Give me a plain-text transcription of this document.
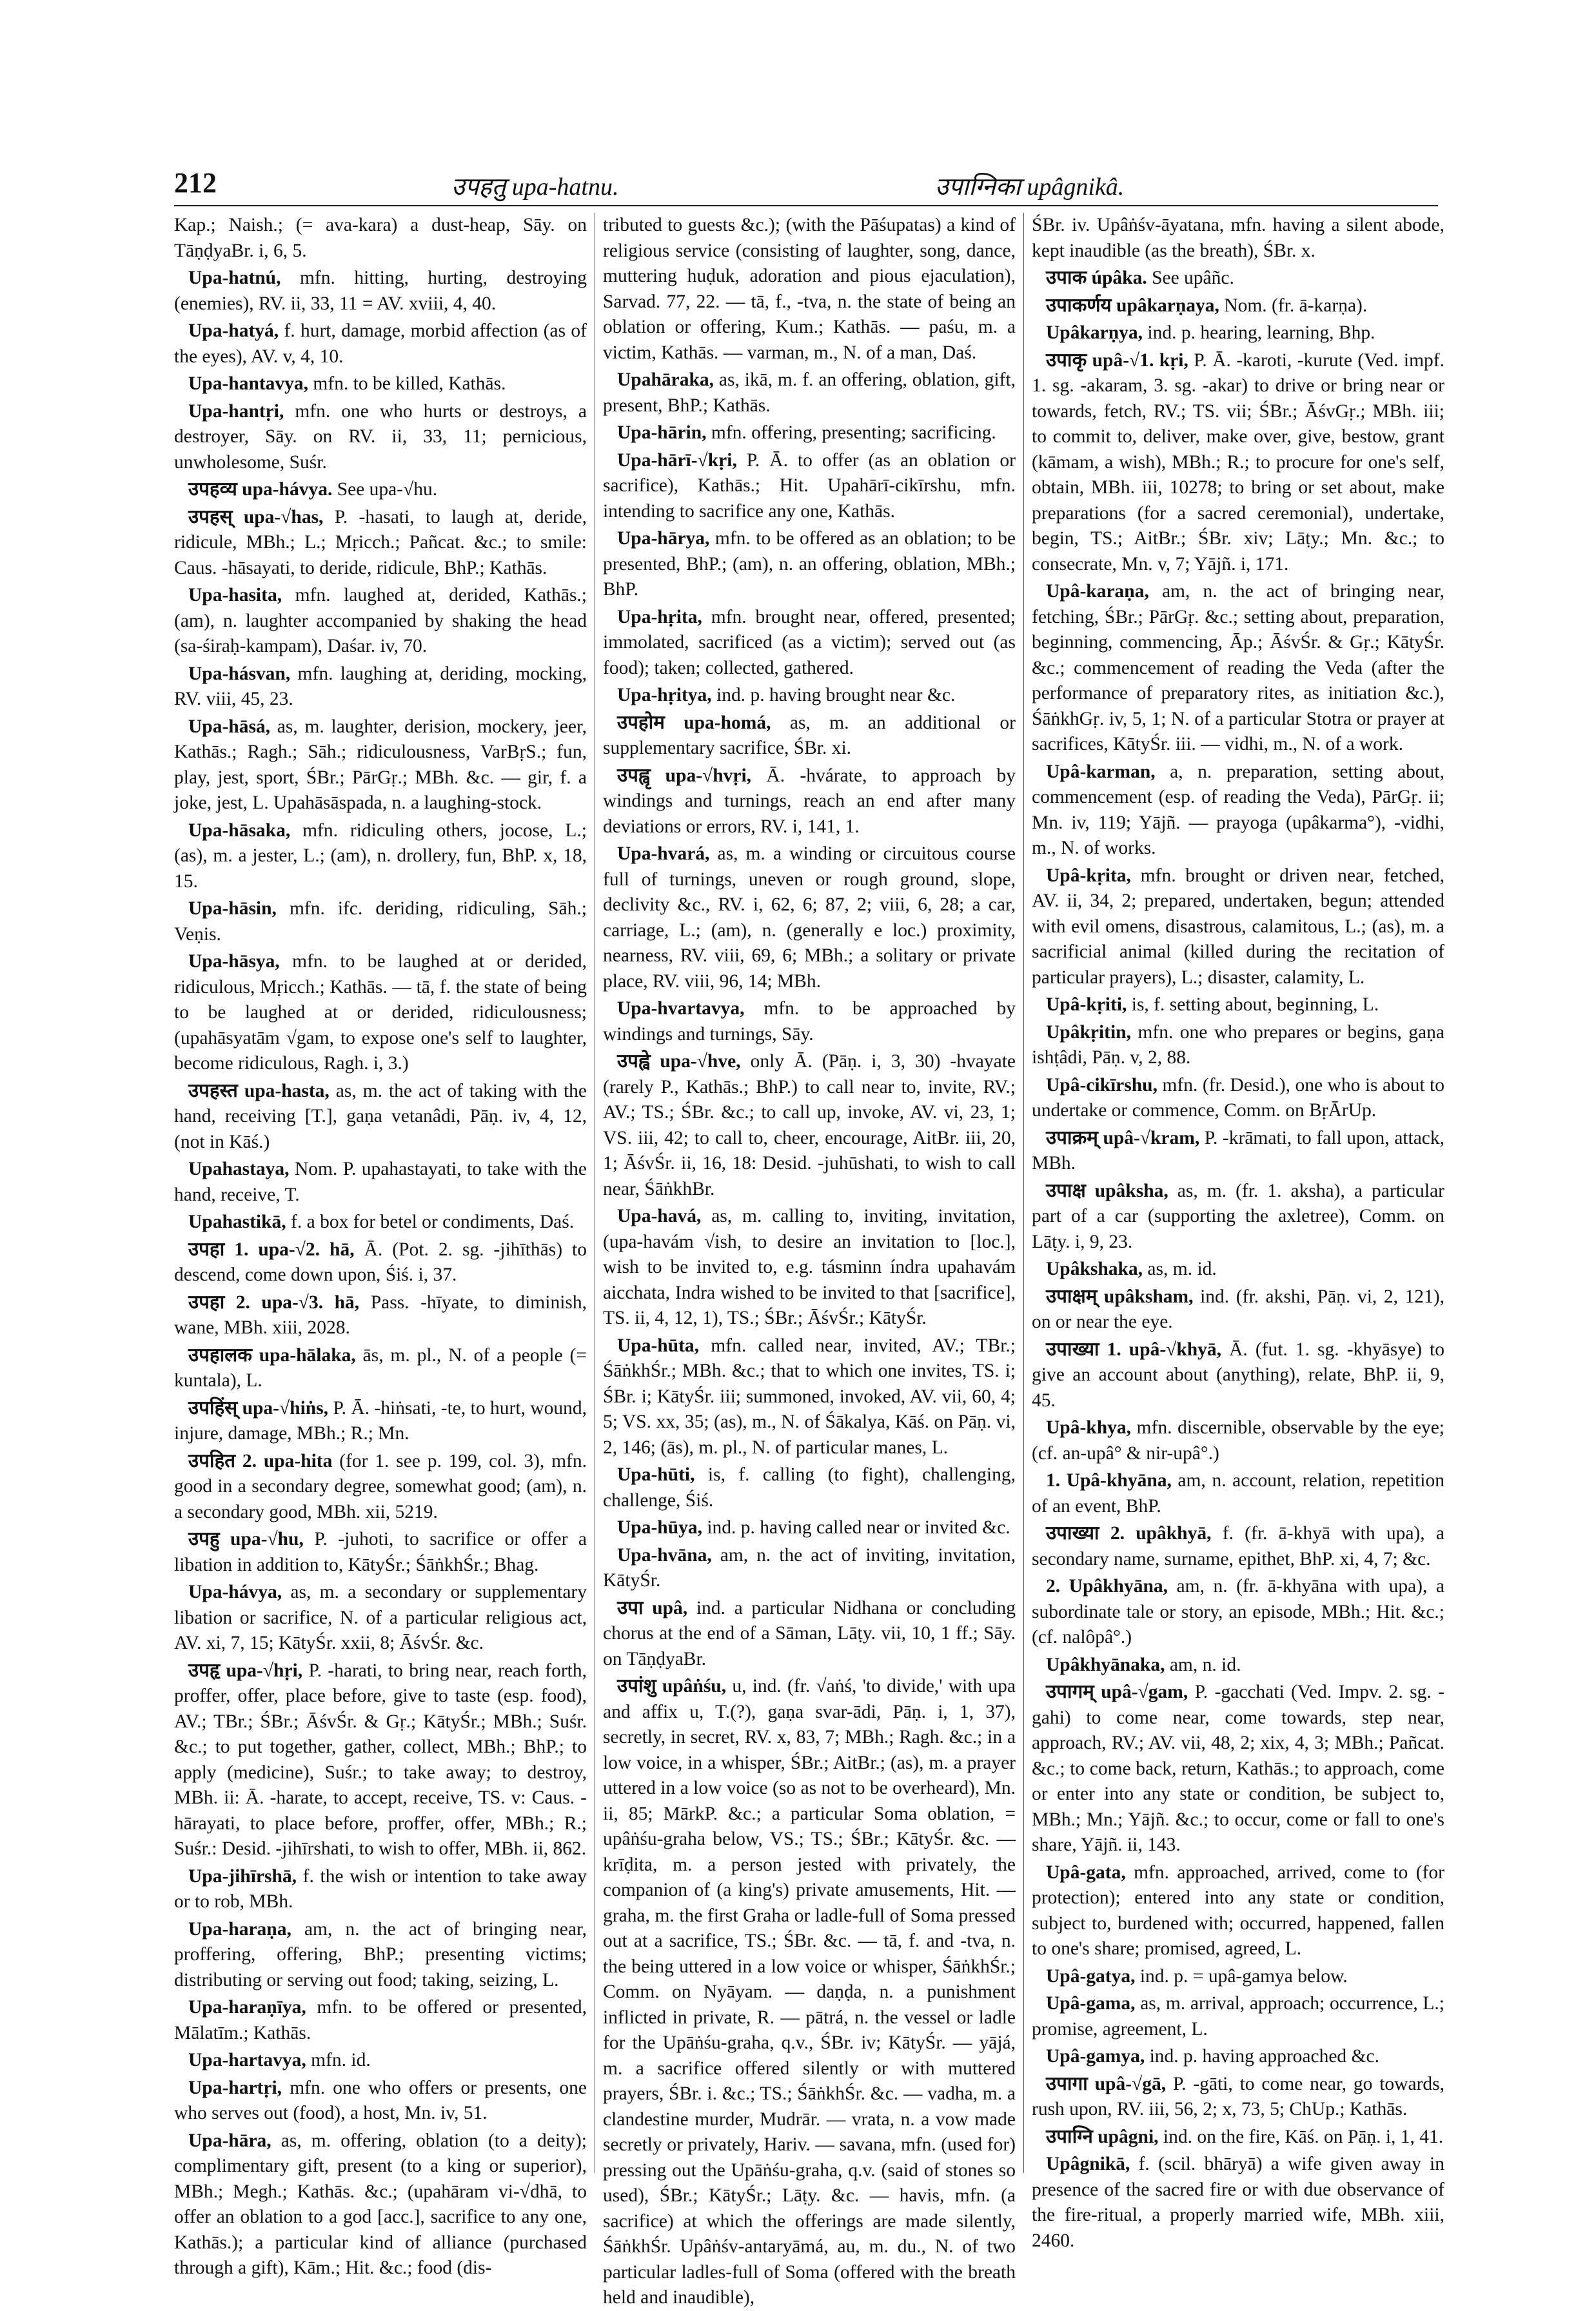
212	उपहतु upa-hatnu.	उपाग्निका upâgnikâ.

Kap.; Naish.; (= ava-kara) a dust-heap, Sāy. on TāṇḍyaBr. i, 6, 5.

Upa-hatnú, mfn. hitting, hurting, destroying (enemies), RV. ii, 33, 11 = AV. xviii, 4, 40.

Upa-hatyá, f. hurt, damage, morbid affection (as of the eyes), AV. v, 4, 10.

Upa-hantavya, mfn. to be killed, Kathās.

Upa-hantṛi, mfn. one who hurts or destroys, a destroyer, Sāy. on RV. ii, 33, 11; pernicious, unwholesome, Suśr.

उपहव्य upa-hávya. See upa-√hu.

उपहस् upa-√has, P. -hasati, to laugh at, deride, ridicule, MBh.; L.; Mṛicch.; Pañcat. &c.; to smile: Caus. -hāsayati, to deride, ridicule, BhP.; Kathās.

Upa-hasita, mfn. laughed at, derided, Kathās.; (am), n. laughter accompanied by shaking the head (sa-śiraḥ-kampam), Daśar. iv, 70.

Upa-hásvan, mfn. laughing at, deriding, mocking, RV. viii, 45, 23.

Upa-hāsá, as, m. laughter, derision, mockery, jeer, Kathās.; Ragh.; Sāh.; ridiculousness, VarBṛS.; fun, play, jest, sport, ŚBr.; PārGṛ.; MBh. &c. — gir, f. a joke, jest, L. Upahāsāspada, n. a laughing-stock.

Upa-hāsaka, mfn. ridiculing others, jocose, L.; (as), m. a jester, L.; (am), n. drollery, fun, BhP. x, 18, 15.

Upa-hāsin, mfn. ifc. deriding, ridiculing, Sāh.; Veṇis.

Upa-hāsya, mfn. to be laughed at or derided, ridiculous, Mṛicch.; Kathās. — tā, f. the state of being to be laughed at or derided, ridiculousness; (upahāsyatām √gam, to expose one's self to laughter, become ridiculous, Ragh. i, 3.)

उपहस्त upa-hasta, as, m. the act of taking with the hand, receiving [T.], gaṇa vetanâdi, Pāṇ. iv, 4, 12, (not in Kāś.)

Upahastaya, Nom. P. upahastayati, to take with the hand, receive, T.

Upahastikā, f. a box for betel or condiments, Daś.

उपहा 1. upa-√2. hā, Ā. (Pot. 2. sg. -jihīthās) to descend, come down upon, Śiś. i, 37.

उपहा 2. upa-√3. hā, Pass. -hīyate, to diminish, wane, MBh. xiii, 2028.

उपहालक upa-hālaka, ās, m. pl., N. of a people (= kuntala), L.

उपहिंस् upa-√hiṅs, P. Ā. -hiṅsati, -te, to hurt, wound, injure, damage, MBh.; R.; Mn.

उपहित 2. upa-hita (for 1. see p. 199, col. 3), mfn. good in a secondary degree, somewhat good; (am), n. a secondary good, MBh. xii, 5219.

उपहु upa-√hu, P. -juhoti, to sacrifice or offer a libation in addition to, KātyŚr.; ŚāṅkhŚr.; Bhag.

Upa-hávya, as, m. a secondary or supplementary libation or sacrifice, N. of a particular religious act, AV. xi, 7, 15; KātyŚr. xxii, 8; ĀśvŚr. &c.

उपहृ upa-√hṛi, P. -harati, to bring near, reach forth, proffer, offer, place before, give to taste (esp. food), AV.; TBr.; ŚBr.; ĀśvŚr. & Gṛ.; KātyŚr.; MBh.; Suśr. &c.; to put together, gather, collect, MBh.; BhP.; to apply (medicine), Suśr.; to take away; to destroy, MBh. ii: Ā. -harate, to accept, receive, TS. v: Caus. -hārayati, to place before, proffer, offer, MBh.; R.; Suśr.: Desid. -jihīrshati, to wish to offer, MBh. ii, 862.

Upa-jihīrshā, f. the wish or intention to take away or to rob, MBh.

Upa-haraṇa, am, n. the act of bringing near, proffering, offering, BhP.; presenting victims; distributing or serving out food; taking, seizing, L.

Upa-haraṇīya, mfn. to be offered or presented, Mālatīm.; Kathās.

Upa-hartavya, mfn. id.

Upa-hartṛi, mfn. one who offers or presents, one who serves out (food), a host, Mn. iv, 51.

Upa-hāra, as, m. offering, oblation (to a deity); complimentary gift, present (to a king or superior), MBh.; Megh.; Kathās. &c.; (upahāram vi-√dhā, to offer an oblation to a god [acc.], sacrifice to any one, Kathās.); a particular kind of alliance (purchased through a gift), Kām.; Hit. &c.; food (dis-

tributed to guests &c.); (with the Pāśupatas) a kind of religious service (consisting of laughter, song, dance, muttering huḍuk, adoration and pious ejaculation), Sarvad. 77, 22. — tā, f., -tva, n. the state of being an oblation or offering, Kum.; Kathās. — paśu, m. a victim, Kathās. — varman, m., N. of a man, Daś.

Upahāraka, as, ikā, m. f. an offering, oblation, gift, present, BhP.; Kathās.

Upa-hārin, mfn. offering, presenting; sacrificing.

Upa-hārī-√kṛi, P. Ā. to offer (as an oblation or sacrifice), Kathās.; Hit. Upahārī-cikīrshu, mfn. intending to sacrifice any one, Kathās.

Upa-hārya, mfn. to be offered as an oblation; to be presented, BhP.; (am), n. an offering, oblation, MBh.; BhP.

Upa-hṛita, mfn. brought near, offered, presented; immolated, sacrificed (as a victim); served out (as food); taken; collected, gathered.

Upa-hṛitya, ind. p. having brought near &c.

उपहोम upa-homá, as, m. an additional or supplementary sacrifice, ŚBr. xi.

उपह्वृ upa-√hvṛi, Ā. -hvárate, to approach by windings and turnings, reach an end after many deviations or errors, RV. i, 141, 1.

Upa-hvará, as, m. a winding or circuitous course full of turnings, uneven or rough ground, slope, declivity &c., RV. i, 62, 6; 87, 2; viii, 6, 28; a car, carriage, L.; (am), n. (generally e loc.) proximity, nearness, RV. viii, 69, 6; MBh.; a solitary or private place, RV. viii, 96, 14; MBh.

Upa-hvartavya, mfn. to be approached by windings and turnings, Sāy.

उपह्वे upa-√hve, only Ā. (Pāṇ. i, 3, 30) -hvayate (rarely P., Kathās.; BhP.) to call near to, invite, RV.; AV.; TS.; ŚBr. &c.; to call up, invoke, AV. vi, 23, 1; VS. iii, 42; to call to, cheer, encourage, AitBr. iii, 20, 1; ĀśvŚr. ii, 16, 18: Desid. -juhūshati, to wish to call near, ŚāṅkhBr.

Upa-havá, as, m. calling to, inviting, invitation, (upa-havám √ish, to desire an invitation to [loc.], wish to be invited to, e.g. tásminn índra upahavám aicchata, Indra wished to be invited to that [sacrifice], TS. ii, 4, 12, 1), TS.; ŚBr.; ĀśvŚr.; KātyŚr.

Upa-hūta, mfn. called near, invited, AV.; TBr.; ŚāṅkhŚr.; MBh. &c.; that to which one invites, TS. i; ŚBr. i; KātyŚr. iii; summoned, invoked, AV. vii, 60, 4; 5; VS. xx, 35; (as), m., N. of Śākalya, Kāś. on Pāṇ. vi, 2, 146; (ās), m. pl., N. of particular manes, L.

Upa-hūti, is, f. calling (to fight), challenging, challenge, Śiś.

Upa-hūya, ind. p. having called near or invited &c.

Upa-hvāna, am, n. the act of inviting, invitation, KātyŚr.

उपा upâ, ind. a particular Nidhana or concluding chorus at the end of a Sāman, Lāṭy. vii, 10, 1 ff.; Sāy. on TāṇḍyaBr.

उपांशु upâṅśu, u, ind. (fr. √aṅś, 'to divide,' with upa and affix u, T.(?), gaṇa svar-ādi, Pāṇ. i, 1, 37), secretly, in secret, RV. x, 83, 7; MBh.; Ragh. &c.; in a low voice, in a whisper, ŚBr.; AitBr.; (as), m. a prayer uttered in a low voice (so as not to be overheard), Mn. ii, 85; MārkP. &c.; a particular Soma oblation, = upâṅśu-graha below, VS.; TS.; ŚBr.; KātyŚr. &c. — krīḍita, m. a person jested with privately, the companion of (a king's) private amusements, Hit. — graha, m. the first Graha or ladle-full of Soma pressed out at a sacrifice, TS.; ŚBr. &c. — tā, f. and -tva, n. the being uttered in a low voice or whisper, ŚāṅkhŚr.; Comm. on Nyāyam. — daṇḍa, n. a punishment inflicted in private, R. — pātrá, n. the vessel or ladle for the Upāṅśu-graha, q.v., ŚBr. iv; KātyŚr. — yājá, m. a sacrifice offered silently or with muttered prayers, ŚBr. i. &c.; TS.; ŚāṅkhŚr. &c. — vadha, m. a clandestine murder, Mudrār. — vrata, n. a vow made secretly or privately, Hariv. — savana, mfn. (used for) pressing out the Upāṅśu-graha, q.v. (said of stones so used), ŚBr.; KātyŚr.; Lāṭy. &c. — havis, mfn. (a sacrifice) at which the offerings are made silently, ŚāṅkhŚr. Upâṅśv-antaryāmá, au, m. du., N. of two particular ladles-full of Soma (offered with the breath held and inaudible),

ŚBr. iv. Upâṅśv-āyatana, mfn. having a silent abode, kept inaudible (as the breath), ŚBr. x.

उपाक úpâka. See upâñc.

उपाकर्णय upâkarṇaya, Nom. (fr. ā-karṇa).

Upâkarṇya, ind. p. hearing, learning, Bhp.

उपाकृ upâ-√1. kṛi, P. Ā. -karoti, -kurute (Ved. impf. 1. sg. -akaram, 3. sg. -akar) to drive or bring near or towards, fetch, RV.; TS. vii; ŚBr.; ĀśvGṛ.; MBh. iii; to commit to, deliver, make over, give, bestow, grant (kāmam, a wish), MBh.; R.; to procure for one's self, obtain, MBh. iii, 10278; to bring or set about, make preparations (for a sacred ceremonial), undertake, begin, TS.; AitBr.; ŚBr. xiv; Lāṭy.; Mn. &c.; to consecrate, Mn. v, 7; Yājñ. i, 171.

Upâ-karaṇa, am, n. the act of bringing near, fetching, ŚBr.; PārGṛ. &c.; setting about, preparation, beginning, commencing, Āp.; ĀśvŚr. & Gṛ.; KātyŚr. &c.; commencement of reading the Veda (after the performance of preparatory rites, as initiation &c.), ŚāṅkhGṛ. iv, 5, 1; N. of a particular Stotra or prayer at sacrifices, KātyŚr. iii. — vidhi, m., N. of a work.

Upâ-karman, a, n. preparation, setting about, commencement (esp. of reading the Veda), PārGṛ. ii; Mn. iv, 119; Yājñ. — prayoga (upâkarma°), -vidhi, m., N. of works.

Upâ-kṛita, mfn. brought or driven near, fetched, AV. ii, 34, 2; prepared, undertaken, begun; attended with evil omens, disastrous, calamitous, L.; (as), m. a sacrificial animal (killed during the recitation of particular prayers), L.; disaster, calamity, L.

Upâ-kṛiti, is, f. setting about, beginning, L.

Upâkṛitin, mfn. one who prepares or begins, gaṇa ishṭâdi, Pāṇ. v, 2, 88.

Upâ-cikīrshu, mfn. (fr. Desid.), one who is about to undertake or commence, Comm. on BṛĀrUp.

उपाक्रम् upâ-√kram, P. -krāmati, to fall upon, attack, MBh.

उपाक्ष upâksha, as, m. (fr. 1. aksha), a particular part of a car (supporting the axletree), Comm. on Lāṭy. i, 9, 23.

Upâkshaka, as, m. id.

उपाक्षम् upâksham, ind. (fr. akshi, Pāṇ. vi, 2, 121), on or near the eye.

उपाख्या 1. upâ-√khyā, Ā. (fut. 1. sg. -khyāsye) to give an account about (anything), relate, BhP. ii, 9, 45.

Upâ-khya, mfn. discernible, observable by the eye; (cf. an-upâ° & nir-upâ°.)

1. Upâ-khyāna, am, n. account, relation, repetition of an event, BhP.

उपाख्या 2. upâkhyā, f. (fr. ā-khyā with upa), a secondary name, surname, epithet, BhP. xi, 4, 7; &c.

2. Upâkhyāna, am, n. (fr. ā-khyāna with upa), a subordinate tale or story, an episode, MBh.; Hit. &c.; (cf. nalôpâ°.)

Upâkhyānaka, am, n. id.

उपागम् upâ-√gam, P. -gacchati (Ved. Impv. 2. sg. -gahi) to come near, come towards, step near, approach, RV.; AV. vii, 48, 2; xix, 4, 3; MBh.; Pañcat. &c.; to come back, return, Kathās.; to approach, come or enter into any state or condition, be subject to, MBh.; Mn.; Yājñ. &c.; to occur, come or fall to one's share, Yājñ. ii, 143.

Upâ-gata, mfn. approached, arrived, come to (for protection); entered into any state or condition, subject to, burdened with; occurred, happened, fallen to one's share; promised, agreed, L.

Upâ-gatya, ind. p. = upâ-gamya below.

Upâ-gama, as, m. arrival, approach; occurrence, L.; promise, agreement, L.

Upâ-gamya, ind. p. having approached &c.

उपागा upâ-√gā, P. -gāti, to come near, go towards, rush upon, RV. iii, 56, 2; x, 73, 5; ChUp.; Kathās.

उपाग्नि upâgni, ind. on the fire, Kāś. on Pāṇ. i, 1, 41.

Upâgnikā, f. (scil. bhāryā) a wife given away in presence of the sacred fire or with due observance of the fire-ritual, a properly married wife, MBh. xiii, 2460.
